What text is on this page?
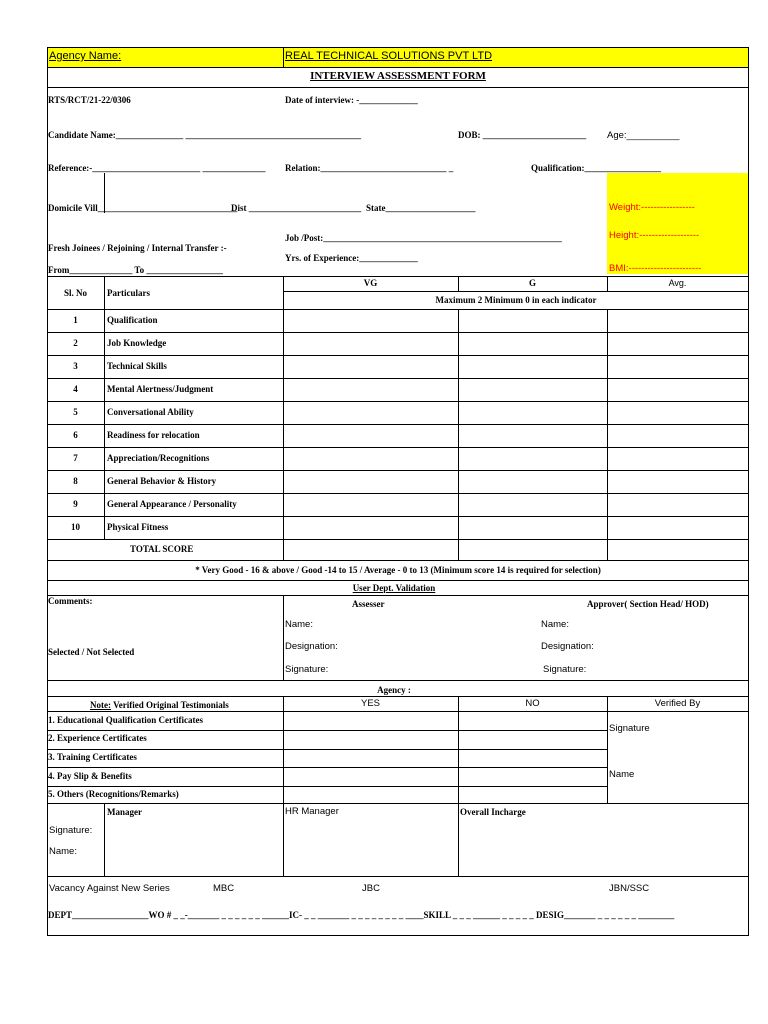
Agency Name:	REAL TECHNICAL SOLUTIONS PVT LTD
INTERVIEW ASSESSMENT FORM
RTS/RCT/21-22/0306	Date of interview: -_____________
Candidate Name:_______________ _______________________________________	DOB: _______________________ Age:__________
Reference:-________________________ ______________ Relation:____________________________ _	Qualification:_________________
Domicile Vill_______________________________
Dist _________________________ State____________________	Weight:-----------------
Job /Post:_____________________________________________________	Height:-------------------
Fresh Joinees / Rejoining / Internal Transfer :-
Yrs. of Experience:_____________
From______________ To _________________	BMI:-----------------------
Sl. No	Particulars
VG	G	Avg.
Maximum 2 Minimum 0 in each indicator
1	Qualification
2	Job Knowledge
3	Technical Skills
4	Mental Alertness/Judgment
5	Conversational Ability
6	Readiness for relocation
7	Appreciation/Recognitions
8	General Behavior & History
9	General Appearance / Personality
10	Physical Fitness
TOTAL SCORE
* Very Good - 16 & above / Good -14 to 15 / Average - 0 to 13 (Minimum score 14 is required for selection)
User Dept. Validation
Comments:	Assesser	Approver( Section Head/ HOD)
Name:	Name:
Designation:	Designation:
Selected / Not Selected
Signature:	Signature:
Agency :
Note: Verified Original Testimonials	YES	NO	Verified By
1. Educational Qualification Certificates
2. Experience Certificates
3. Training Certificates
4. Pay Slip & Benefits
5. Others (Recognitions/Remarks)
Signature
Name
Manager	HR Manager	Overall Incharge
Signature:
Name:
Vacancy Against New Series	MBC	JBC	JBN/SSC
DEPT_________________WO # _ _-_______ _ _ _ _ _ _ ______IC- _ _ _______ _ _ _ _ _ _ _ _ ____SKILL _ _ _ ______ _ _ _ _ _ DESIG_______ _ _ _ _ _ _ ________
